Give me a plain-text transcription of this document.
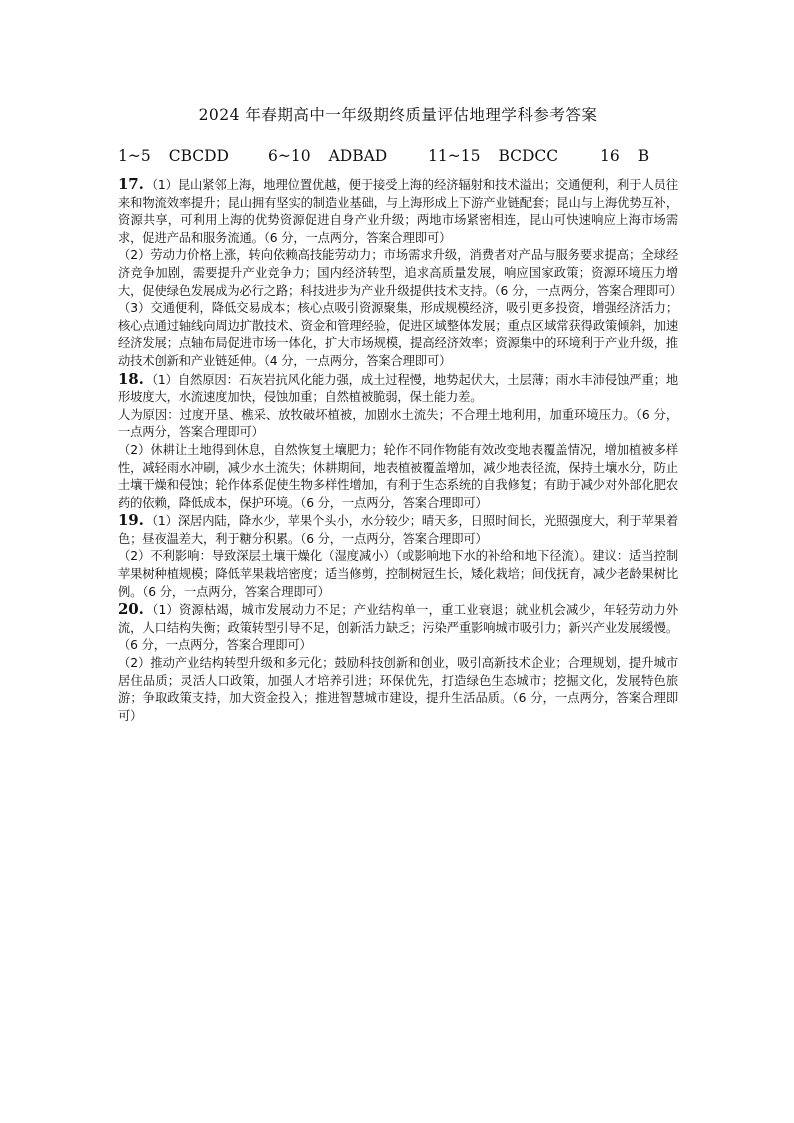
2024 年春期高中一年级期终质量评估地理学科参考答案
1~5 CBCDD	6~10 ADBAD	11~15 BCDCC	16 B

17. （1）昆山紧邻上海，地理位置优越，便于接受上海的经济辐射和技术溢出；交通便利，利于人员往来和物流效率提升；昆山拥有坚实的制造业基础，与上海形成上下游产业链配套；昆山与上海优势互补，资源共享，可利用上海的优势资源促进自身产业升级；两地市场紧密相连，昆山可快速响应上海市场需求，促进产品和服务流通。（6 分，一点两分，答案合理即可）

（2）劳动力价格上涨，转向依赖高技能劳动力；市场需求升级，消费者对产品与服务要求提高；全球经济竞争加剧，需要提升产业竞争力；国内经济转型，追求高质量发展，响应国家政策；资源环境压力增大，促使绿色发展成为必行之路；科技进步为产业升级提供技术支持。（6 分，一点两分，答案合理即可）

（3）交通便利，降低交易成本；核心点吸引资源聚集，形成规模经济，吸引更多投资，增强经济活力；核心点通过轴线向周边扩散技术、资金和管理经验，促进区域整体发展；重点区域常获得政策倾斜，加速经济发展；点轴布局促进市场一体化，扩大市场规模，提高经济效率；资源集中的环境利于产业升级，推动技术创新和产业链延伸。（4 分，一点两分，答案合理即可）

18. （1）自然原因：石灰岩抗风化能力强，成土过程慢，地势起伏大，土层薄；雨水丰沛侵蚀严重；地形坡度大，水流速度加快，侵蚀加重；自然植被脆弱，保土能力差。

人为原因：过度开垦、樵采、放牧破坏植被，加剧水土流失；不合理土地利用，加重环境压力。（6 分，一点两分，答案合理即可）

（2）休耕让土地得到休息，自然恢复土壤肥力；轮作不同作物能有效改变地表覆盖情况，增加植被多样性，减轻雨水冲刷，减少水土流失；休耕期间，地表植被覆盖增加，减少地表径流，保持土壤水分，防止土壤干燥和侵蚀；轮作体系促使生物多样性增加，有利于生态系统的自我修复；有助于减少对外部化肥农药的依赖，降低成本，保护环境。（6 分，一点两分，答案合理即可）

19. （1）深居内陆，降水少，苹果个头小，水分较少；晴天多，日照时间长，光照强度大，利于苹果着色；昼夜温差大，利于糖分积累。（6 分，一点两分，答案合理即可）

（2）不利影响：导致深层土壤干燥化（湿度减小）（或影响地下水的补给和地下径流）。建议：适当控制苹果树种植规模；降低苹果栽培密度；适当修剪，控制树冠生长，矮化栽培；间伐抚育，减少老龄果树比例。（6 分，一点两分，答案合理即可）

20. （1）资源枯竭，城市发展动力不足；产业结构单一，重工业衰退；就业机会减少，年轻劳动力外流，人口结构失衡；政策转型引导不足，创新活力缺乏；污染严重影响城市吸引力；新兴产业发展缓慢。（6 分，一点两分，答案合理即可）

（2）推动产业结构转型升级和多元化；鼓励科技创新和创业，吸引高新技术企业；合理规划，提升城市居住品质；灵活人口政策，加强人才培养引进；环保优先，打造绿色生态城市；挖掘文化，发展特色旅游；争取政策支持，加大资金投入；推进智慧城市建设，提升生活品质。（6 分，一点两分，答案合理即可）
